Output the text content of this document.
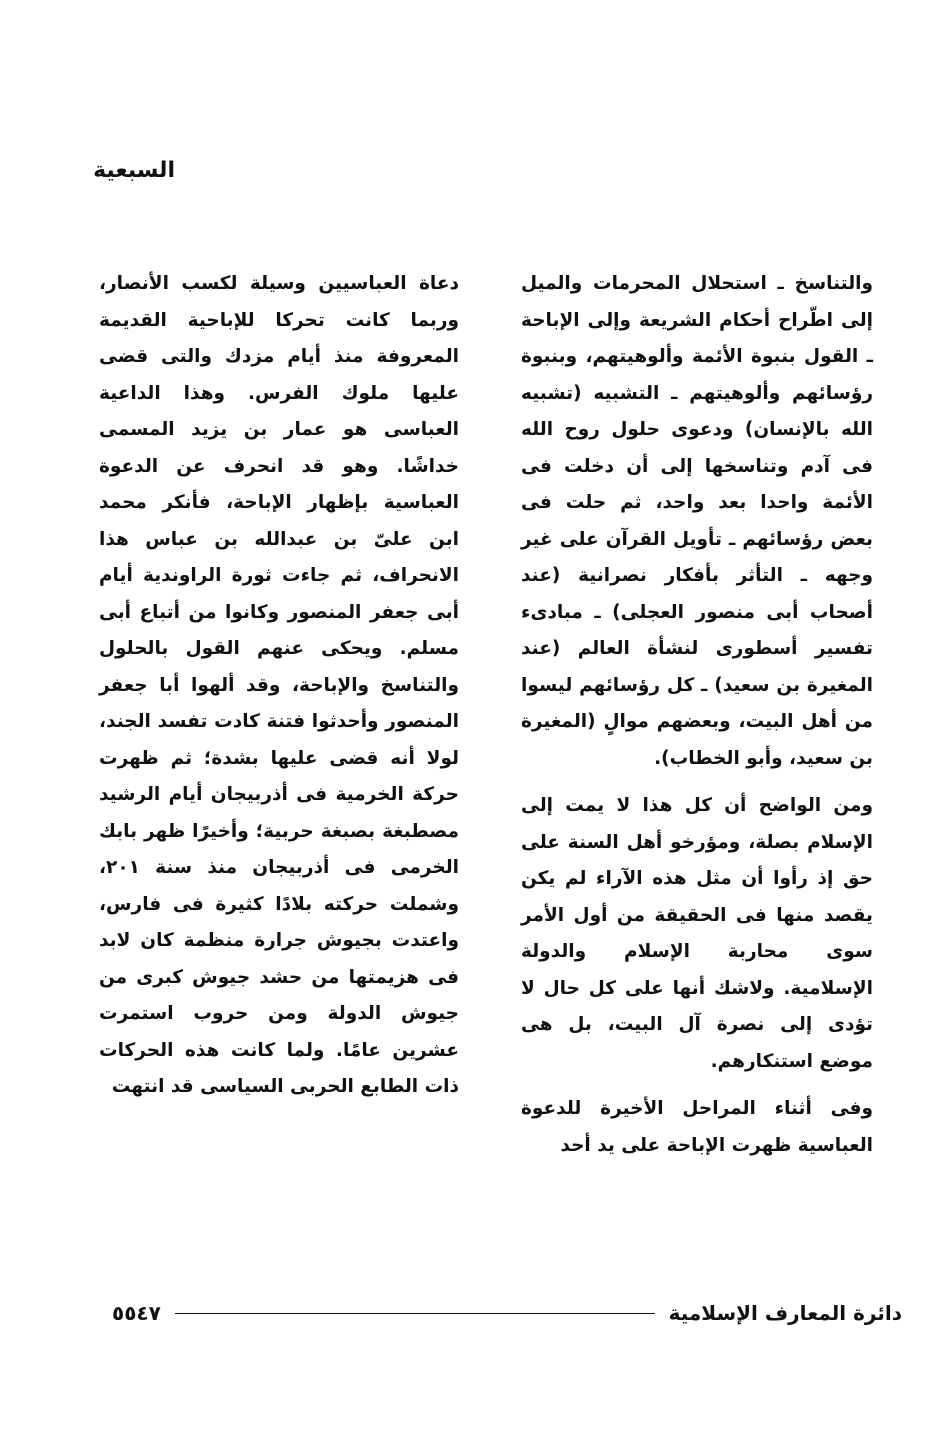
السبعية

والتناسخ ـ استحلال المحرمات والميل إلى اطّراح أحكام الشريعة وإلى الإباحة ـ القول بنبوة الأئمة وألوهيتهم، وبنبوة رؤسائهم وألوهيتهم ـ التشبيه (تشبيه الله بالإنسان) ودعوى حلول روح الله فى آدم وتناسخها إلى أن دخلت فى الأئمة واحدا بعد واحد، ثم حلت فى بعض رؤسائهم ـ تأويل القرآن على غير وجهه ـ التأثر بأفكار نصرانية (عند أصحاب أبى منصور العجلى) ـ مبادىء تفسير أسطورى لنشأة العالم (عند المغيرة بن سعيد) ـ كل رؤسائهم ليسوا من أهل البيت، وبعضهم موالٍ (المغيرة بن سعيد، وأبو الخطاب).

ومن الواضح أن كل هذا لا يمت إلى الإسلام بصلة، ومؤرخو أهل السنة على حق إذ رأوا أن مثل هذه الآراء لم يكن يقصد منها فى الحقيقة من أول الأمر سوى محاربة الإسلام والدولة الإسلامية. ولاشك أنها على كل حال لا تؤدى إلى نصرة آل البيت، بل هى موضع استنكارهم.

وفى أثناء المراحل الأخيرة للدعوة العباسية ظهرت الإباحة على يد أحد

دعاة العباسيين وسيلة لكسب الأنصار، وربما كانت تحركا للإباحية القديمة المعروفة منذ أيام مزدك والتى قضى عليها ملوك الفرس. وهذا الداعية العباسى هو عمار بن يزيد المسمى خداشًا. وهو قد انحرف عن الدعوة العباسية بإظهار الإباحة، فأنكر محمد ابن علىّ بن عبدالله بن عباس هذا الانحراف، ثم جاءت ثورة الراوندية أيام أبى جعفر المنصور وكانوا من أتباع أبى مسلم. ويحكى عنهم القول بالحلول والتناسخ والإباحة، وقد ألهوا أبا جعفر المنصور وأحدثوا فتنة كادت تفسد الجند، لولا أنه قضى عليها بشدة؛ ثم ظهرت حركة الخرمية فى أذربيجان أيام الرشيد مصطبغة بصبغة حربية؛ وأخيرًا ظهر بابك الخرمى فى أذربيجان منذ سنة ٢٠١، وشملت حركته بلادًا كثيرة فى فارس، واعتدت بجيوش جرارة منظمة كان لابد فى هزيمتها من حشد جيوش كبرى من جيوش الدولة ومن حروب استمرت عشرين عامًا. ولما كانت هذه الحركات ذات الطابع الحربى السياسى قد انتهت

دائرة المعارف الإسلامية
٥٥٤٧
